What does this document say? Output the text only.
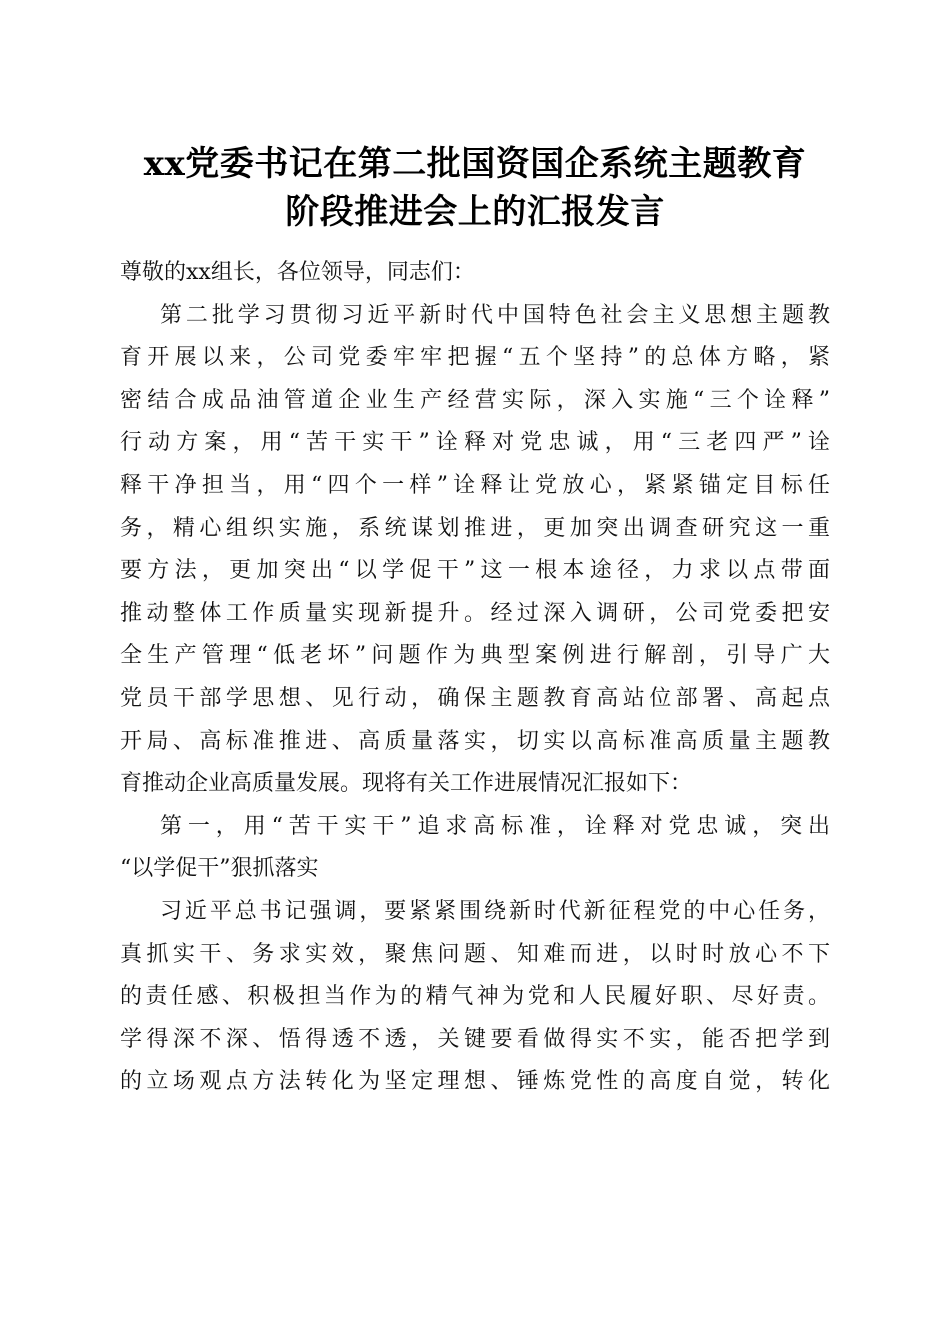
xx党委书记在第二批国资国企系统主题教育
阶段推进会上的汇报发言
尊敬的xx组长，各位领导，同志们：
第二批学习贯彻习近平新时代中国特色社会主义思想主题教
育开展以来，公司党委牢牢把握“五个坚持”的总体方略，紧
密结合成品油管道企业生产经营实际，深入实施“三个诠释”
行动方案，用“苦干实干”诠释对党忠诚，用“三老四严”诠
释干净担当，用“四个一样”诠释让党放心，紧紧锚定目标任
务，精心组织实施，系统谋划推进，更加突出调查研究这一重
要方法，更加突出“以学促干”这一根本途径，力求以点带面
推动整体工作质量实现新提升。经过深入调研，公司党委把安
全生产管理“低老坏”问题作为典型案例进行解剖，引导广大
党员干部学思想、见行动，确保主题教育高站位部署、高起点
开局、高标准推进、高质量落实，切实以高标准高质量主题教
育推动企业高质量发展。现将有关工作进展情况汇报如下：
第一，用“苦干实干”追求高标准，诠释对党忠诚，突出
“以学促干”狠抓落实
习近平总书记强调，要紧紧围绕新时代新征程党的中心任务，
真抓实干、务求实效，聚焦问题、知难而进，以时时放心不下
的责任感、积极担当作为的精气神为党和人民履好职、尽好责。
学得深不深、悟得透不透，关键要看做得实不实，能否把学到
的立场观点方法转化为坚定理想、锤炼党性的高度自觉，转化
